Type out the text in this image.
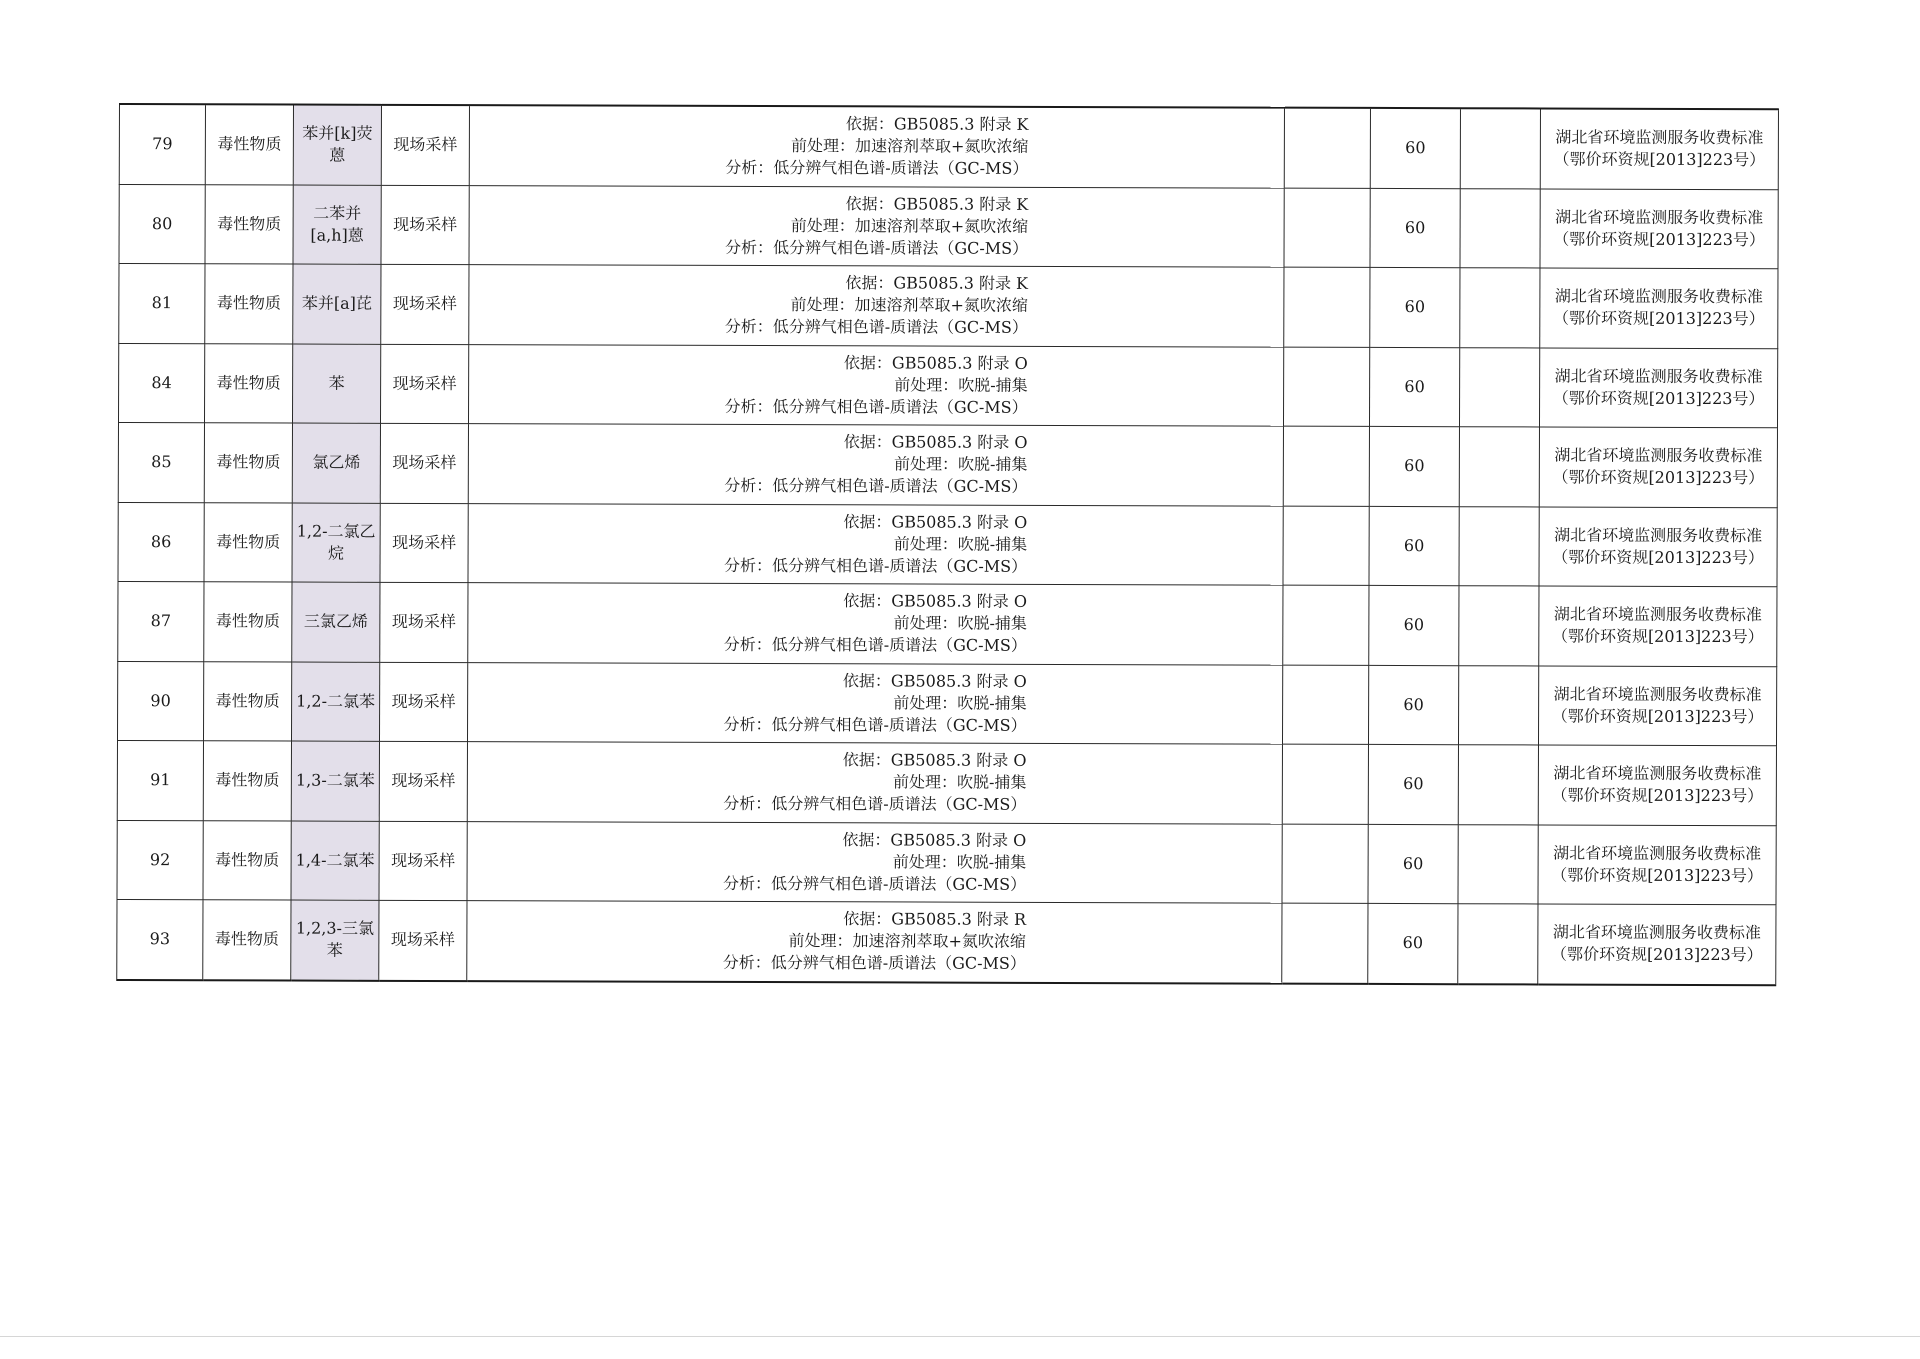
79	毒性物质	苯并[k]荧蒽	现场采样	依据：GB5085.3 附录 K
前处理：加速溶剂萃取+氮吹浓缩
分析：低分辨气相色谱-质谱法（GC-MS）		60		湖北省环境监测服务收费标准（鄂价环资规[2013]223号）
80	毒性物质	二苯并[a,h]蒽	现场采样	依据：GB5085.3 附录 K
前处理：加速溶剂萃取+氮吹浓缩
分析：低分辨气相色谱-质谱法（GC-MS）		60		湖北省环境监测服务收费标准（鄂价环资规[2013]223号）
81	毒性物质	苯并[a]芘	现场采样	依据：GB5085.3 附录 K
前处理：加速溶剂萃取+氮吹浓缩
分析：低分辨气相色谱-质谱法（GC-MS）		60		湖北省环境监测服务收费标准（鄂价环资规[2013]223号）
84	毒性物质	苯	现场采样	依据：GB5085.3 附录 O
前处理：吹脱-捕集
分析：低分辨气相色谱-质谱法（GC-MS）		60		湖北省环境监测服务收费标准（鄂价环资规[2013]223号）
85	毒性物质	氯乙烯	现场采样	依据：GB5085.3 附录 O
前处理：吹脱-捕集
分析：低分辨气相色谱-质谱法（GC-MS）		60		湖北省环境监测服务收费标准（鄂价环资规[2013]223号）
86	毒性物质	1,2-二氯乙烷	现场采样	依据：GB5085.3 附录 O
前处理：吹脱-捕集
分析：低分辨气相色谱-质谱法（GC-MS）		60		湖北省环境监测服务收费标准（鄂价环资规[2013]223号）
87	毒性物质	三氯乙烯	现场采样	依据：GB5085.3 附录 O
前处理：吹脱-捕集
分析：低分辨气相色谱-质谱法（GC-MS）		60		湖北省环境监测服务收费标准（鄂价环资规[2013]223号）
90	毒性物质	1,2-二氯苯	现场采样	依据：GB5085.3 附录 O
前处理：吹脱-捕集
分析：低分辨气相色谱-质谱法（GC-MS）		60		湖北省环境监测服务收费标准（鄂价环资规[2013]223号）
91	毒性物质	1,3-二氯苯	现场采样	依据：GB5085.3 附录 O
前处理：吹脱-捕集
分析：低分辨气相色谱-质谱法（GC-MS）		60		湖北省环境监测服务收费标准（鄂价环资规[2013]223号）
92	毒性物质	1,4-二氯苯	现场采样	依据：GB5085.3 附录 O
前处理：吹脱-捕集
分析：低分辨气相色谱-质谱法（GC-MS）		60		湖北省环境监测服务收费标准（鄂价环资规[2013]223号）
93	毒性物质	1,2,3-三氯苯	现场采样	依据：GB5085.3 附录 R
前处理：加速溶剂萃取+氮吹浓缩
分析：低分辨气相色谱-质谱法（GC-MS）		60		湖北省环境监测服务收费标准（鄂价环资规[2013]223号）
